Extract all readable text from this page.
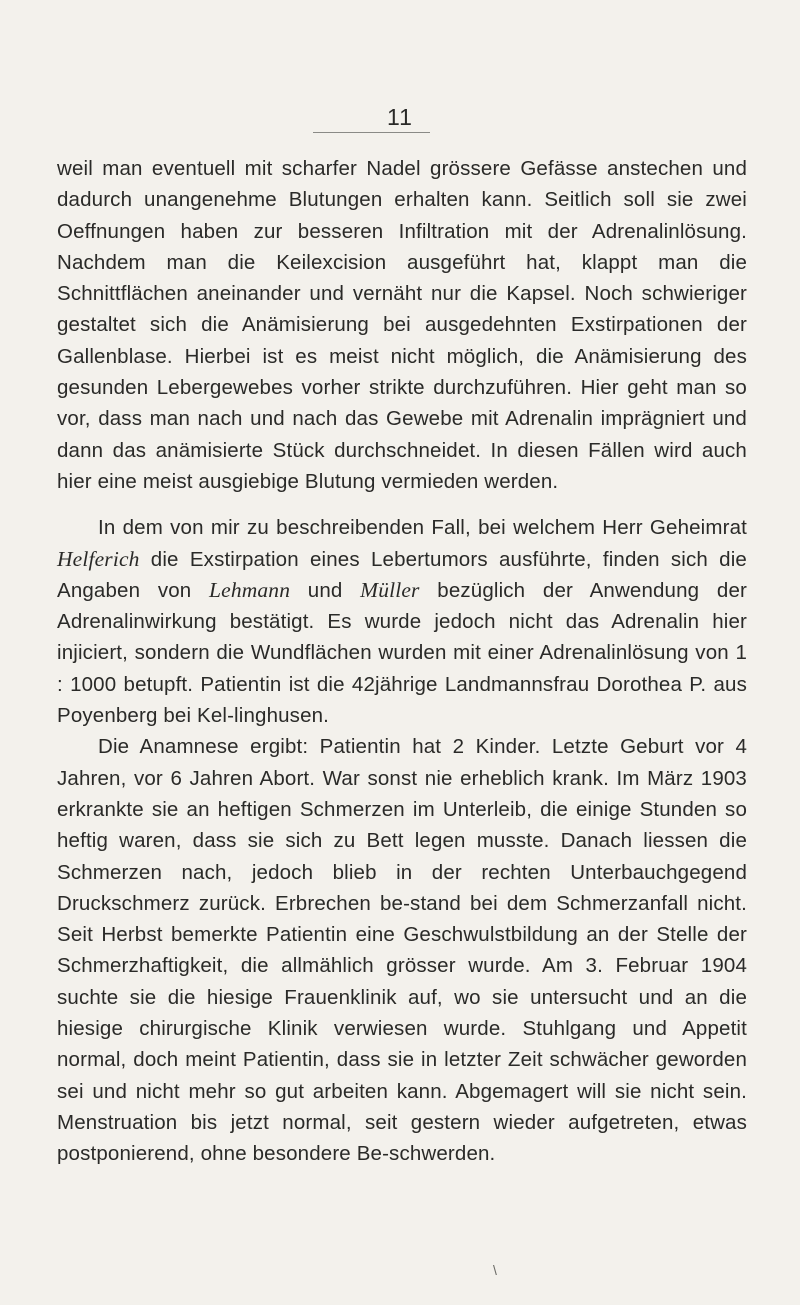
11

weil man eventuell mit scharfer Nadel grössere Gefässe anstechen und dadurch unangenehme Blutungen erhalten kann. Seitlich soll sie zwei Oeffnungen haben zur besseren Infiltration mit der Adrenalinlösung. Nachdem man die Keilexcision ausgeführt hat, klappt man die Schnittflächen aneinander und vernäht nur die Kapsel. Noch schwieriger gestaltet sich die Anämisierung bei ausgedehnten Exstirpationen der Gallenblase. Hierbei ist es meist nicht möglich, die Anämisierung des gesunden Lebergewebes vorher strikte durchzuführen. Hier geht man so vor, dass man nach und nach das Gewebe mit Adrenalin imprägniert und dann das anämisierte Stück durchschneidet. In diesen Fällen wird auch hier eine meist ausgiebige Blutung vermieden werden.

In dem von mir zu beschreibenden Fall, bei welchem Herr Geheimrat Helferich die Exstirpation eines Lebertumors ausführte, finden sich die Angaben von Lehmann und Müller bezüglich der Anwendung der Adrenalinwirkung bestätigt. Es wurde jedoch nicht das Adrenalin hier injiciert, sondern die Wundflächen wurden mit einer Adrenalinlösung von 1 : 1000 betupft. Patientin ist die 42jährige Landmannsfrau Dorothea P. aus Poyenberg bei Kel-linghusen.

Die Anamnese ergibt: Patientin hat 2 Kinder. Letzte Geburt vor 4 Jahren, vor 6 Jahren Abort. War sonst nie erheblich krank. Im März 1903 erkrankte sie an heftigen Schmerzen im Unterleib, die einige Stunden so heftig waren, dass sie sich zu Bett legen musste. Danach liessen die Schmerzen nach, jedoch blieb in der rechten Unterbauchgegend Druckschmerz zurück. Erbrechen be-stand bei dem Schmerzanfall nicht. Seit Herbst bemerkte Patientin eine Geschwulstbildung an der Stelle der Schmerzhaftigkeit, die allmählich grösser wurde. Am 3. Februar 1904 suchte sie die hiesige Frauenklinik auf, wo sie untersucht und an die hiesige chirurgische Klinik verwiesen wurde. Stuhlgang und Appetit normal, doch meint Patientin, dass sie in letzter Zeit schwächer geworden sei und nicht mehr so gut arbeiten kann. Abgemagert will sie nicht sein. Menstruation bis jetzt normal, seit gestern wieder aufgetreten, etwas postponierend, ohne besondere Be-schwerden.

\
